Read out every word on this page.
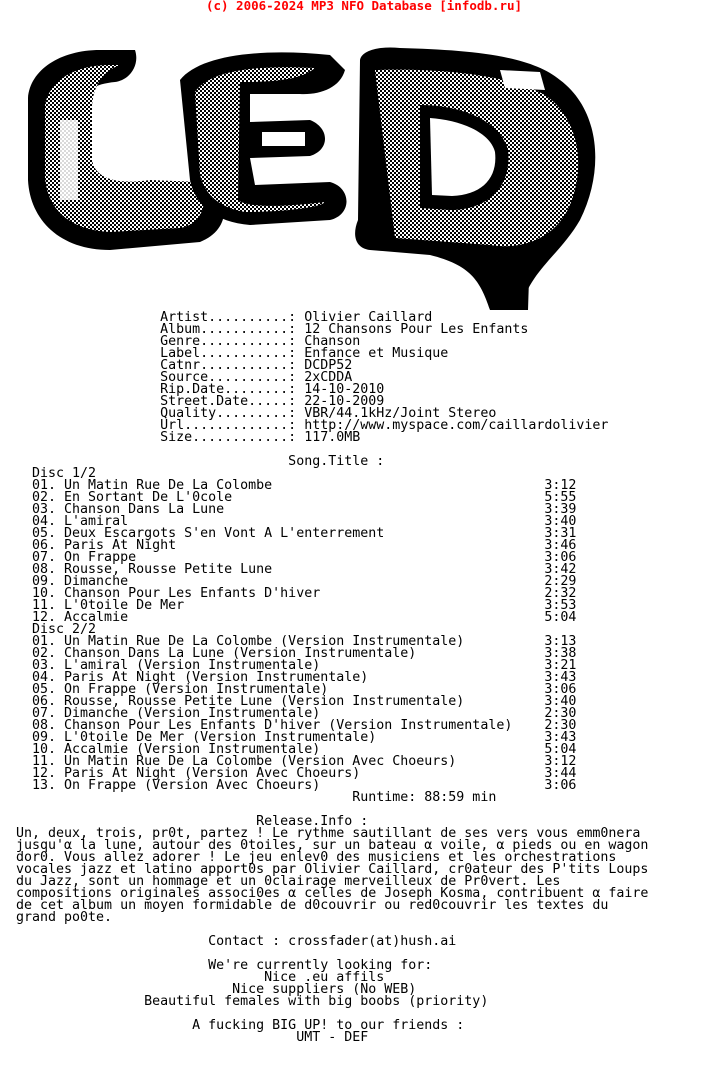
(c) 2006-2024 MP3 NFO Database [infodb.ru]
Artist..........: Olivier Caillard
Album...........: 12 Chansons Pour Les Enfants
Genre...........: Chanson
Label...........: Enfance et Musique
Catnr...........: DCDP52
Source..........: 2xCDDA
Rip.Date........: 14-10-2010
Street.Date.....: 22-10-2009
Quality.........: VBR/44.1kHz/Joint Stereo
Url.............: http://www.myspace.com/caillardolivier
Size............: 117.0MB

Song.Title :
Disc 1/2
01. Un Matin Rue De La Colombe                                  3:12
02. En Sortant De L'0cole                                       5:55
03. Chanson Dans La Lune                                        3:39
04. L'amiral                                                    3:40
05. Deux Escargots S'en Vont A L'enterrement                    3:31
06. Paris At Night                                              3:46
07. On Frappe                                                   3:06
08. Rousse, Rousse Petite Lune                                  3:42
09. Dimanche                                                    2:29
10. Chanson Pour Les Enfants D'hiver                            2:32
11. L'0toile De Mer                                             3:53
12. Accalmie                                                    5:04
Disc 2/2
01. Un Matin Rue De La Colombe (Version Instrumentale)          3:13
02. Chanson Dans La Lune (Version Instrumentale)                3:38
03. L'amiral (Version Instrumentale)                            3:21
04. Paris At Night (Version Instrumentale)                      3:43
05. On Frappe (Version Instrumentale)                           3:06
06. Rousse, Rousse Petite Lune (Version Instrumentale)          3:40
07. Dimanche (Version Instrumentale)                            2:30
08. Chanson Pour Les Enfants D'hiver (Version Instrumentale)    2:30
09. L'0toile De Mer (Version Instrumentale)                     3:43
10. Accalmie (Version Instrumentale)                            5:04
11. Un Matin Rue De La Colombe (Version Avec Choeurs)           3:12
12. Paris At Night (Version Avec Choeurs)                       3:44
13. On Frappe (Version Avec Choeurs)                            3:06
Runtime: 88:59 min

Release.Info :
Un, deux, trois, pr0t, partez ! Le rythme sautillant de ses vers vous emm0nera
jusqu'α la lune, autour des 0toiles, sur un bateau α voile, α pieds ou en wagon
dor0. Vous allez adorer ! Le jeu enlev0 des musiciens et les orchestrations
vocales jazz et latino apport0s par Olivier Caillard, cr0ateur des P'tits Loups
du Jazz, sont un hommage et un 0clairage merveilleux de Pr0vert. Les
compositions originales associ0es α celles de Joseph Kosma, contribuent α faire
de cet album un moyen formidable de d0couvrir ou red0couvrir les textes du
grand po0te.

Contact : crossfader(at)hush.ai

We're currently looking for:
Nice .eu affils
Nice suppliers (No WEB)
Beautiful females with big boobs (priority)

A fucking BIG UP! to our friends :
UMT - DEF
